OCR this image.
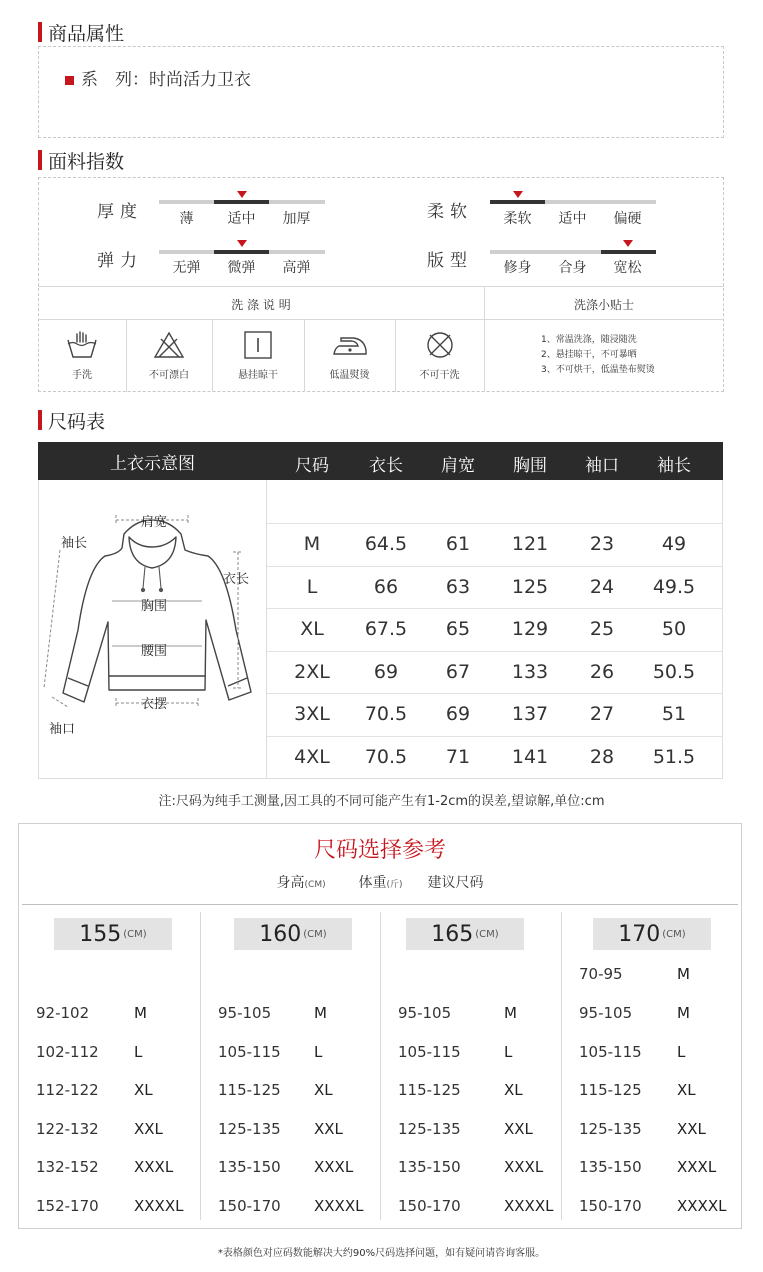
商品属性
系　列：时尚活力卫衣
面料指数
厚度	薄	适中	加厚
弹力	无弹	微弹	高弹
柔软	柔软	适中	偏硬
版型	修身	合身	宽松
洗 涤 说 明	洗涤小贴士
手洗	不可漂白	悬挂晾干	低温熨烫	不可干洗
1、常温洗涤，随浸随洗
2、悬挂晾干，不可暴晒
3、不可烘干，低温垫布熨烫
尺码表
上衣示意图
肩宽
袖长
衣长
胸围
腰围
衣摆
袖口
尺码	衣长	肩宽	胸围	袖口	袖长
M	64.5	61	121	23	49
L	66	63	125	24	49.5
XL	67.5	65	129	25	50
2XL	69	67	133	26	50.5
3XL	70.5	69	137	27	51
4XL	70.5	71	141	28	51.5
注:尺码为纯手工测量,因工具的不同可能产生有1-2cm的误差,望谅解,单位:cm
尺码选择参考
身高(CM) 体重(斤) 建议尺码
155 (CM)
92-102	M
102-112 L
112-122 XL
122-132 XXL
132-152 XXXL
152-170 XXXXL
160 (CM)
95-105	M
105-115 L
115-125 XL
125-135 XXL
135-150 XXXL
150-170 XXXXL
165 (CM)
95-105	M
105-115	L
115-125	XL
125-135	XXL
135-150	XXXL
150-170	XXXXL
170 (CM)
70-95	M
95-105	M
105-115 L
115-125 XL
125-135 XXL
135-150 XXXL
150-170 XXXXL
*表格颜色对应码数能解决大约90%尺码选择问题，如有疑问请咨询客服。
